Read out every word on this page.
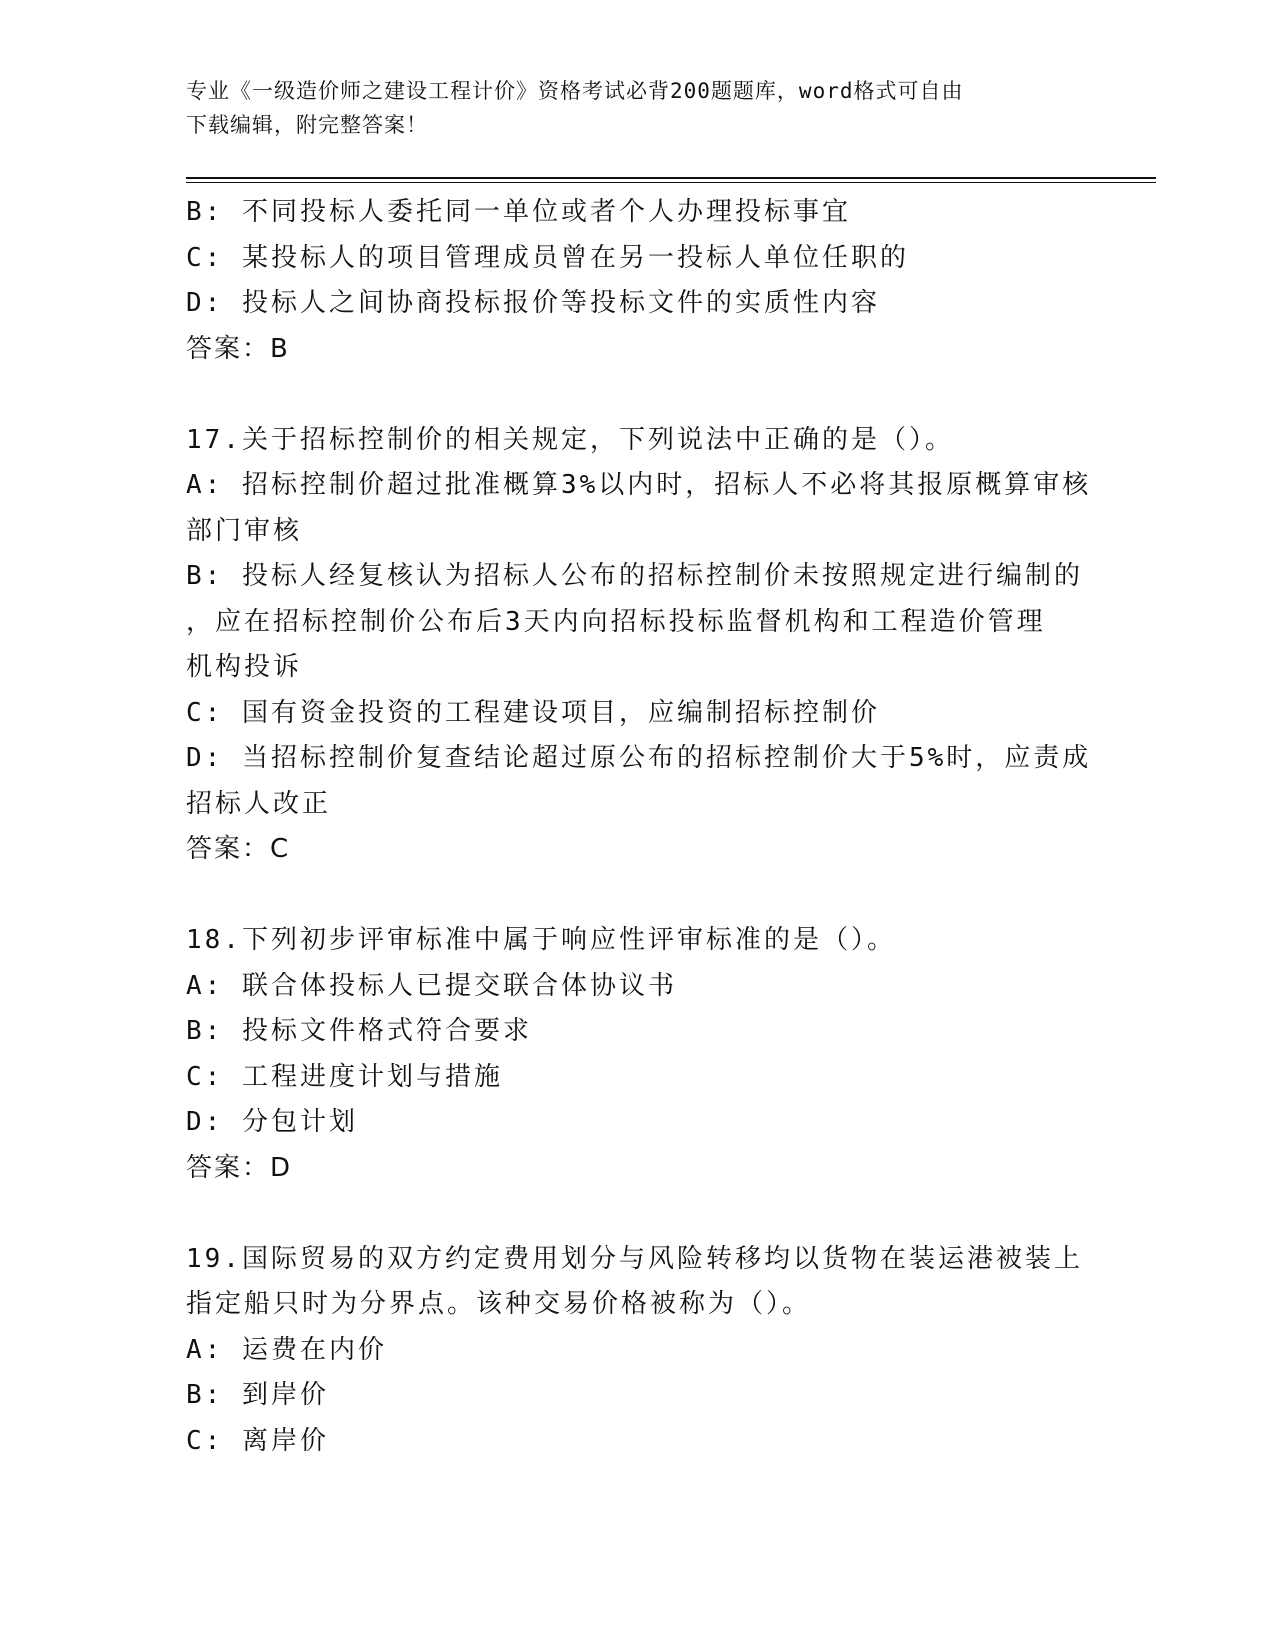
专业《一级造价师之建设工程计价》资格考试必背200题题库，word格式可自由
下载编辑，附完整答案！
B: 不同投标人委托同一单位或者个人办理投标事宜
C: 某投标人的项目管理成员曾在另一投标人单位任职的
D: 投标人之间协商投标报价等投标文件的实质性内容
答案：B
17.关于招标控制价的相关规定，下列说法中正确的是（）。
A: 招标控制价超过批准概算3%以内时，招标人不必将其报原概算审核
部门审核
B: 投标人经复核认为招标人公布的招标控制价未按照规定进行编制的
，应在招标控制价公布后3天内向招标投标监督机构和工程造价管理
机构投诉
C: 国有资金投资的工程建设项目，应编制招标控制价
D: 当招标控制价复查结论超过原公布的招标控制价大于5%时，应责成
招标人改正
答案：C
18.下列初步评审标准中属于响应性评审标准的是（）。
A: 联合体投标人已提交联合体协议书
B: 投标文件格式符合要求
C: 工程进度计划与措施
D: 分包计划
答案：D
19.国际贸易的双方约定费用划分与风险转移均以货物在装运港被装上
指定船只时为分界点。该种交易价格被称为（）。
A: 运费在内价
B: 到岸价
C: 离岸价
